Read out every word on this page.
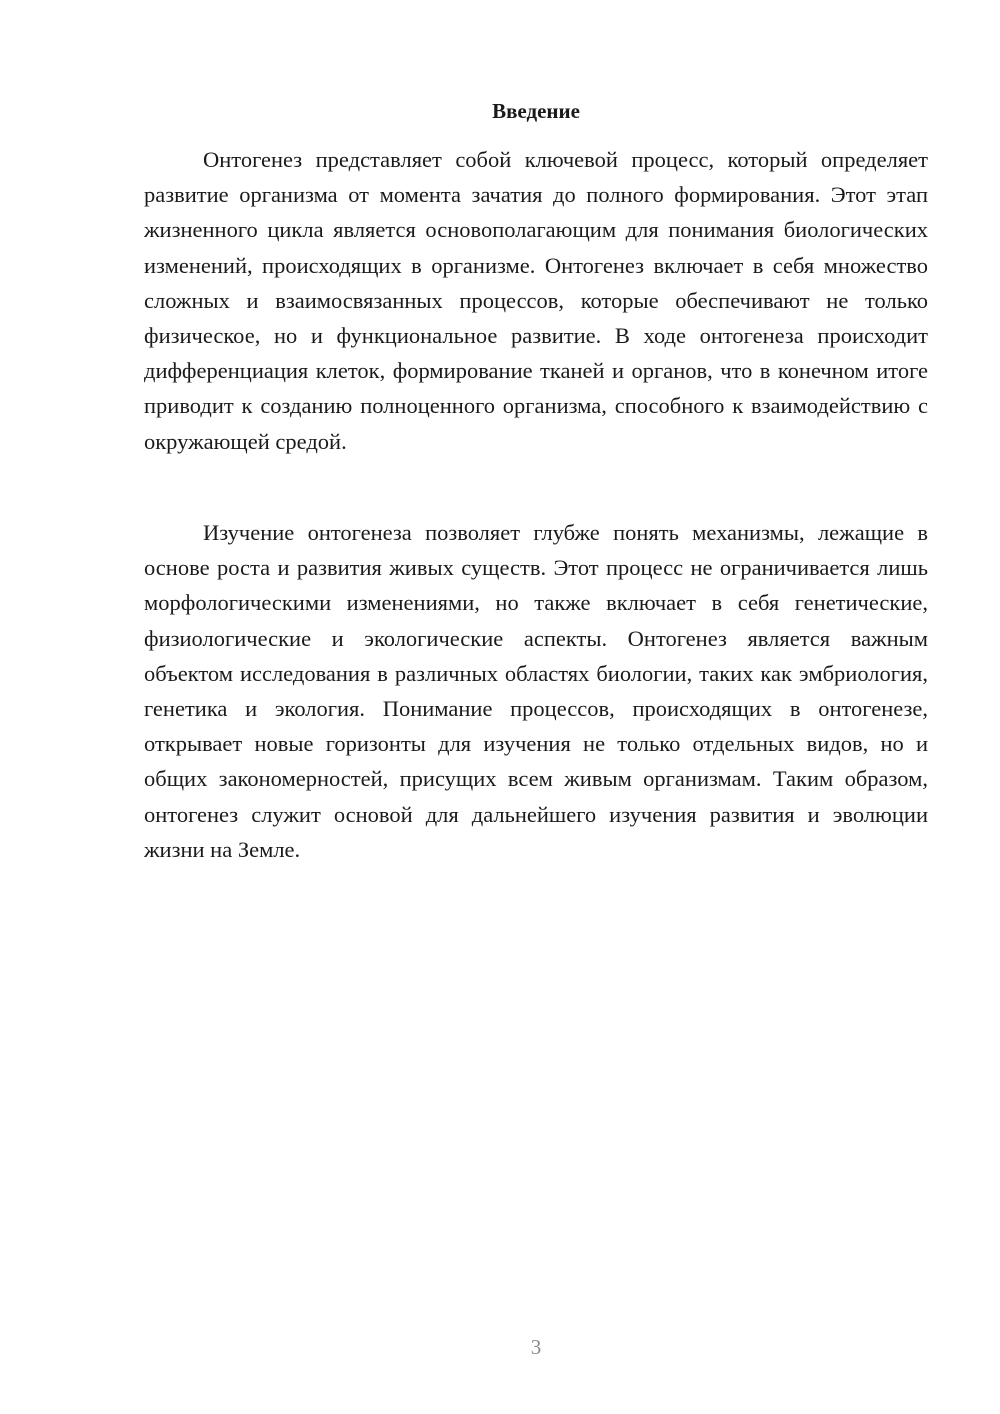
Введение

Онтогенез представляет собой ключевой процесс, который определяет развитие организма от момента зачатия до полного формирования. Этот этап жизненного цикла является основополагающим для понимания биологических изменений, происходящих в организме. Онтогенез включает в себя множество сложных и взаимосвязанных процессов, которые обеспечивают не только физическое, но и функциональное развитие. В ходе онтогенеза происходит дифференциация клеток, формирование тканей и органов, что в конечном итоге приводит к созданию полноценного организма, способного к взаимодействию с окружающей средой.

Изучение онтогенеза позволяет глубже понять механизмы, лежащие в основе роста и развития живых существ. Этот процесс не ограничивается лишь морфологическими изменениями, но также включает в себя генетические, физиологические и экологические аспекты. Онтогенез является важным объектом исследования в различных областях биологии, таких как эмбриология, генетика и экология. Понимание процессов, происходящих в онтогенезе, открывает новые горизонты для изучения не только отдельных видов, но и общих закономерностей, присущих всем живым организмам. Таким образом, онтогенез служит основой для дальнейшего изучения развития и эволюции жизни на Земле.

3
